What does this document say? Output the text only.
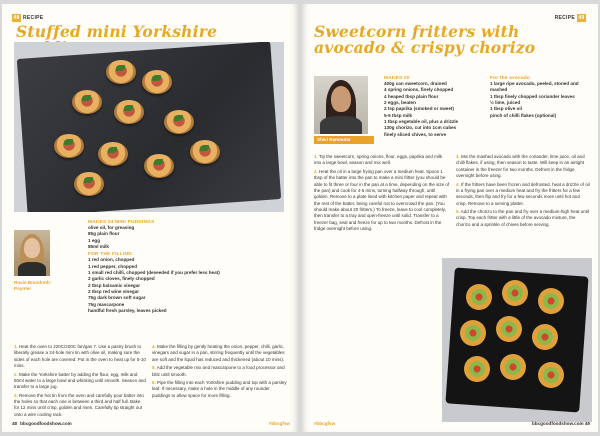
48 RECIPE
Stuffed mini Yorkshire
Rosie Brandreth-Poynter
MAKES 24 MINI PUDDINGS
olive oil, for greasing
85g plain flour
1 egg
85ml milk
FOR THE FILLING
1 red onion, chopped
1 red pepper, chopped
1 small red chilli, chopped (deseeded if you prefer less heat)
2 garlic cloves, finely chopped
2 tbsp balsamic vinegar
2 tbsp red wine vinegar
75g dark brown soft sugar
75g mascarpone
handful fresh parsley, leaves picked

1. Heat the oven to 220C/200C fan/gas 7. Use a pastry brush to liberally grease a 24-hole mini tin with olive oil, making sure the sides of each hole are covered. Put in the oven to heat up for 5-10 mins.

2. Make the Yorkshire batter by adding the flour, egg, milk and 50ml water to a large bowl and whisking until smooth. Season and transfer to a large jug.

3. Remove the hot tin from the oven and carefully pour batter into the holes so that each one is between a third and half full. Bake for 12 mins until crisp, golden and risen. Carefully tip straight out onto a wire cooling rack.

4. Make the filling by gently heating the onion, pepper, chilli, garlic, vinegars and sugar in a pan, stirring frequently until the vegetables are soft and the liquid has reduced and thickened (about 10 mins).

5. Add the vegetable mix and mascarpone to a food processor and blitz until smooth.

6. Pipe the filling into each Yorkshire pudding and top with a parsley leaf. If necessary, make a hole in the middle of any rounder puddings to allow space for more filling.

48 bbcgoodfoodshow.com	#bbcgfsw
RECIPE 49
Sweetcorn fritters with
avocado & crispy chorizo
Shivi Ramoutar
MAKES 20
400g can sweetcorn, drained
4 spring onions, finely chopped
4 heaped tbsp plain flour
2 eggs, beaten
2 tsp paprika (smoked or sweet)
5-6 tbsp milk
1 tbsp vegetable oil, plus a drizzle
130g chorizo, cut into 1cm cubes
finely sliced chives, to serve
For the avocado
1 large ripe avocado, peeled, stoned and mashed
1 tbsp finely chopped coriander leaves
½ lime, juiced
1 tbsp olive oil
pinch of chilli flakes (optional)

1. Tip the sweetcorn, spring onions, flour, eggs, paprika and milk into a large bowl, season and mix well.

2. Heat the oil in a large frying pan over a medium heat. Spoon 1 tbsp of the batter into the pan to make a mini fritter (you should be able to fit three or four in the pan at a time, depending on the size of the pan) and cook for 4-5 mins, turning halfway through, until golden. Remove to a plate lined with kitchen paper and repeat with the rest of the batter, being careful not to overcrowd the pan. (You should make about 20 fritters.) To freeze, leave to cool completely, then transfer to a tray and open-freeze until solid. Transfer to a freezer bag, seal and freeze for up to two months. Defrost in the fridge overnight before using.

3. Mix the mashed avocado with the coriander, lime juice, oil and chilli flakes, if using, then season to taste. Will keep in an airtight container in the freezer for two months. Defrost in the fridge overnight before using.

4. If the fritters have been frozen and defrosted, heat a drizzle of oil in a frying pan over a medium heat and fry the fritters for a few seconds, then flip and fry for a few seconds more until hot and crisp. Remove to a serving platter.

5. Add the chorizo to the pan and fry over a medium-high heat until crisp. Top each fritter with a little of the avocado mixture, the chorizo and a sprinkle of chives before serving.

#bbcgfsw	bbcgoodfoodshow.com 49
